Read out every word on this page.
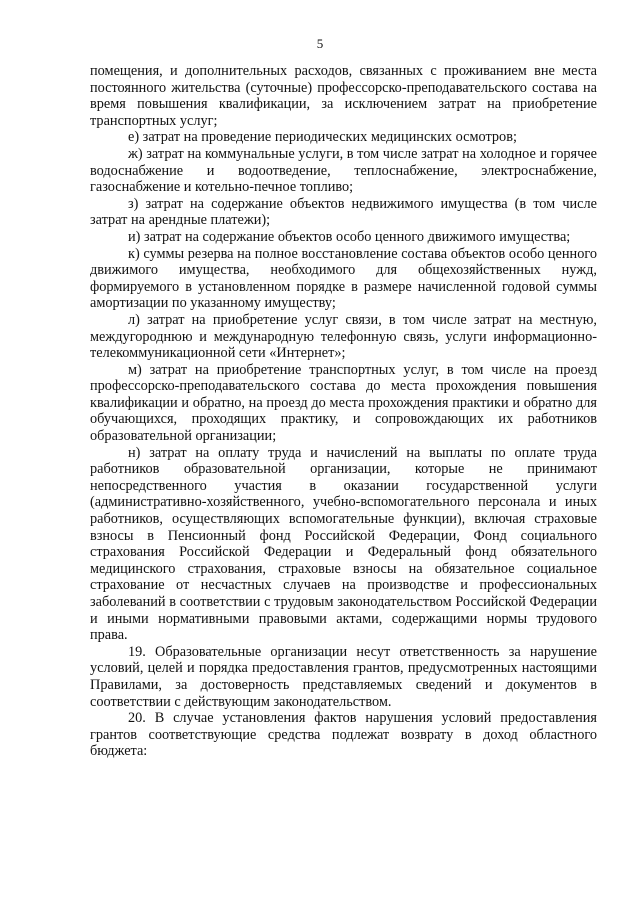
5

помещения, и дополнительных расходов, связанных с проживанием вне места постоянного жительства (суточные) профессорско-преподавательского состава на время повышения квалификации, за исключением затрат на приобретение транспортных услуг;

е) затрат на проведение периодических медицинских осмотров;

ж) затрат на коммунальные услуги, в том числе затрат на холодное и горячее водоснабжение и водоотведение, теплоснабжение, электроснабжение, газоснабжение и котельно-печное топливо;

з) затрат на содержание объектов недвижимого имущества (в том числе затрат на арендные платежи);

и) затрат на содержание объектов особо ценного движимого имущества;

к) суммы резерва на полное восстановление состава объектов особо ценного движимого имущества, необходимого для общехозяйственных нужд, формируемого в установленном порядке в размере начисленной годовой суммы амортизации по указанному имуществу;

л) затрат на приобретение услуг связи, в том числе затрат на местную, междугороднюю и международную телефонную связь, услуги информационно-телекоммуникационной сети «Интернет»;

м) затрат на приобретение транспортных услуг, в том числе на проезд профессорско-преподавательского состава до места прохождения повышения квалификации и обратно, на проезд до места прохождения практики и обратно для обучающихся, проходящих практику, и сопровождающих их работников образовательной организации;

н) затрат на оплату труда и начислений на выплаты по оплате труда работников образовательной организации, которые не принимают непосредственного участия в оказании государственной услуги (административно-хозяйственного, учебно-вспомогательного персонала и иных работников, осуществляющих вспомогательные функции), включая страховые взносы в Пенсионный фонд Российской Федерации, Фонд социального страхования Российской Федерации и Федеральный фонд обязательного медицинского страхования, страховые взносы на обязательное социальное страхование от несчастных случаев на производстве и профессиональных заболеваний в соответствии с трудовым законодательством Российской Федерации и иными нормативными правовыми актами, содержащими нормы трудового права.

19. Образовательные организации несут ответственность за нарушение условий, целей и порядка предоставления грантов, предусмотренных настоящими Правилами, за достоверность представляемых сведений и документов в соответствии с действующим законодательством.

20. В случае установления фактов нарушения условий предоставления грантов соответствующие средства подлежат возврату в доход областного бюджета:
